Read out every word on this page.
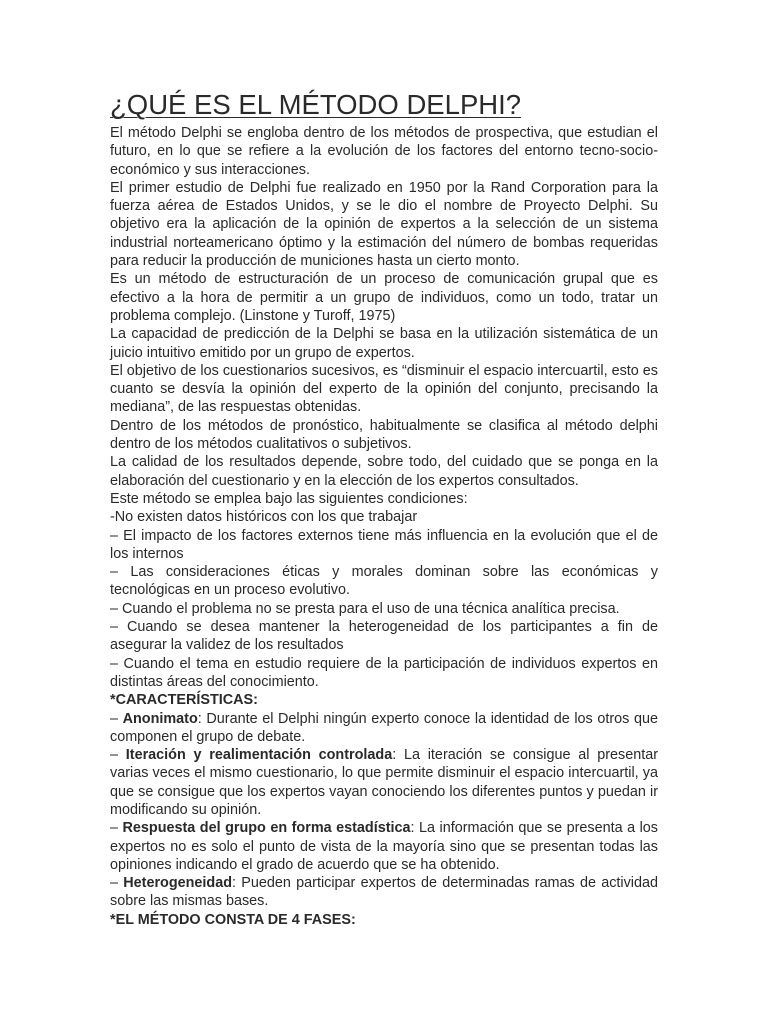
¿QUÉ ES EL MÉTODO DELPHI?

El método Delphi se engloba dentro de los métodos de prospectiva, que estudian el futuro, en lo que se refiere a la evolución de los factores del entorno tecno-socio-económico y sus interacciones.

El primer estudio de Delphi fue realizado en 1950 por la Rand Corporation para la fuerza aérea de Estados Unidos, y se le dio el nombre de Proyecto Delphi. Su objetivo era la aplicación de la opinión de expertos a la selección de un sistema industrial norteamericano óptimo y la estimación del número de bombas requeridas para reducir la producción de municiones hasta un cierto monto.

Es un método de estructuración de un proceso de comunicación grupal que es efectivo a la hora de permitir a un grupo de individuos, como un todo, tratar un problema complejo. (Linstone y Turoff, 1975)

La capacidad de predicción de la Delphi se basa en la utilización sistemática de un juicio intuitivo emitido por un grupo de expertos.

El objetivo de los cuestionarios sucesivos, es “disminuir el espacio intercuartil, esto es cuanto se desvía la opinión del experto de la opinión del conjunto, precisando la mediana”, de las respuestas obtenidas.

Dentro de los métodos de pronóstico, habitualmente se clasifica al método delphi dentro de los métodos cualitativos o subjetivos.

La calidad de los resultados depende, sobre todo, del cuidado que se ponga en la elaboración del cuestionario y en la elección de los expertos consultados.

Este método se emplea bajo las siguientes condiciones:

-No existen datos históricos con los que trabajar

– El impacto de los factores externos tiene más influencia en la evolución que el de los internos

– Las consideraciones éticas y morales dominan sobre las económicas y tecnológicas en un proceso evolutivo.

– Cuando el problema no se presta para el uso de una técnica analítica precisa.

– Cuando se desea mantener la heterogeneidad de los participantes a fin de asegurar la validez de los resultados

– Cuando el tema en estudio requiere de la participación de individuos expertos en distintas áreas del conocimiento.

*CARACTERÍSTICAS:

– Anonimato: Durante el Delphi ningún experto conoce la identidad de los otros que componen el grupo de debate.

– Iteración y realimentación controlada: La iteración se consigue al presentar varias veces el mismo cuestionario, lo que permite disminuir el espacio intercuartil, ya que se consigue que los expertos vayan conociendo los diferentes puntos y puedan ir modificando su opinión.

– Respuesta del grupo en forma estadística: La información que se presenta a los expertos no es solo el punto de vista de la mayoría sino que se presentan todas las opiniones indicando el grado de acuerdo que se ha obtenido.

– Heterogeneidad: Pueden participar expertos de determinadas ramas de actividad sobre las mismas bases.

*EL MÉTODO CONSTA DE 4 FASES:
